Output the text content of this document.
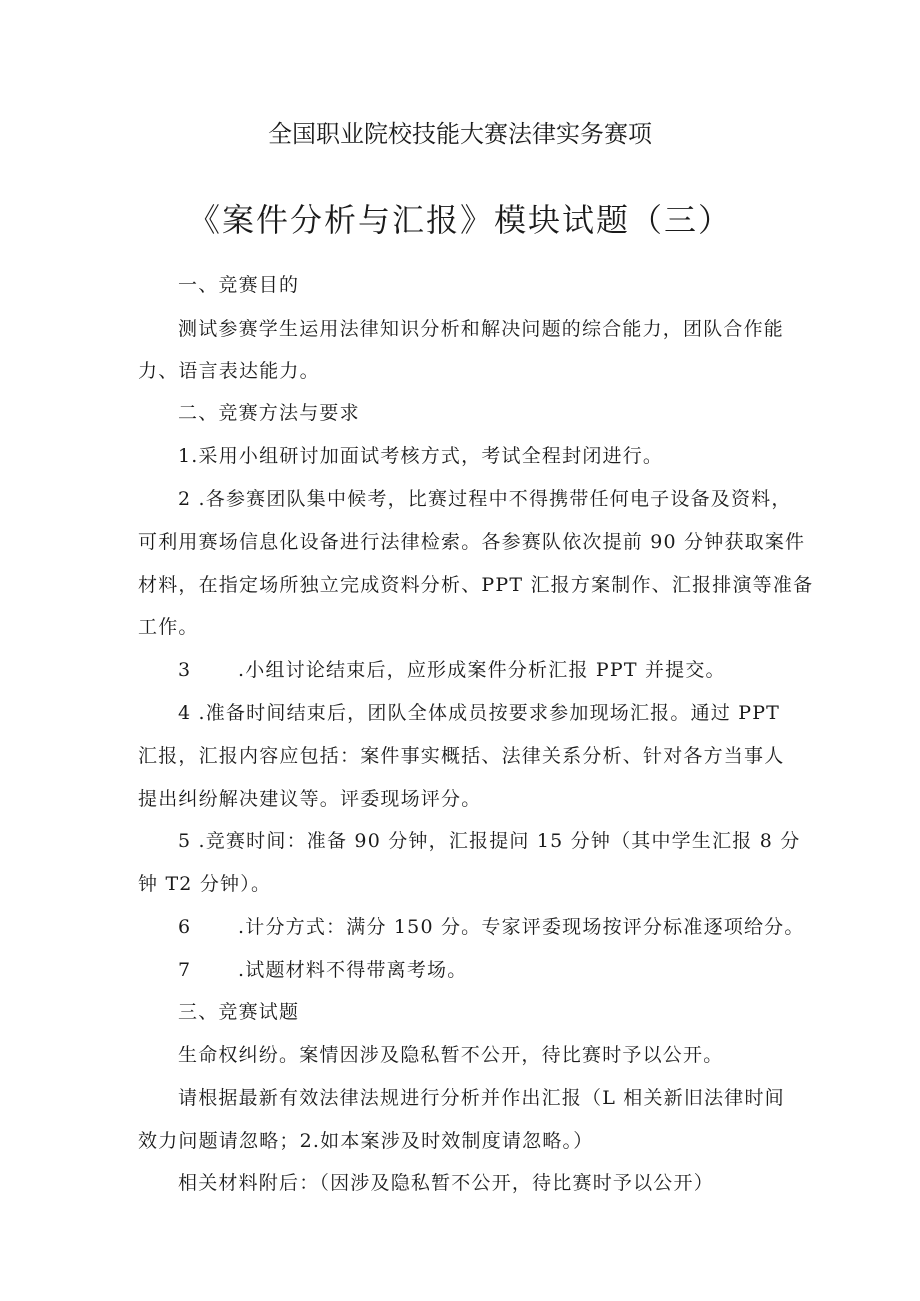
全国职业院校技能大赛法律实务赛项
《案件分析与汇报》模块试题（三）
一、竞赛目的
测试参赛学生运用法律知识分析和解决问题的综合能力，团队合作能
力、语言表达能力。
二、竞赛方法与要求
1.采用小组研讨加面试考核方式，考试全程封闭进行。
2 .各参赛团队集中候考，比赛过程中不得携带任何电子设备及资料，
可利用赛场信息化设备进行法律检索。各参赛队依次提前 90 分钟获取案件
材料，在指定场所独立完成资料分析、PPT 汇报方案制作、汇报排演等准备
工作。
3 .小组讨论结束后，应形成案件分析汇报 PPT 并提交。
4 .准备时间结束后，团队全体成员按要求参加现场汇报。通过 PPT
汇报，汇报内容应包括：案件事实概括、法律关系分析、针对各方当事人
提出纠纷解决建议等。评委现场评分。
5 .竞赛时间：准备 90 分钟，汇报提问 15 分钟（其中学生汇报 8 分
钟 T2 分钟）。
6 .计分方式：满分 150 分。专家评委现场按评分标准逐项给分。
7 .试题材料不得带离考场。
三、竞赛试题
生命权纠纷。案情因涉及隐私暂不公开，待比赛时予以公开。
请根据最新有效法律法规进行分析并作出汇报（L 相关新旧法律时间
效力问题请忽略；2.如本案涉及时效制度请忽略。）
相关材料附后：（因涉及隐私暂不公开，待比赛时予以公开）
